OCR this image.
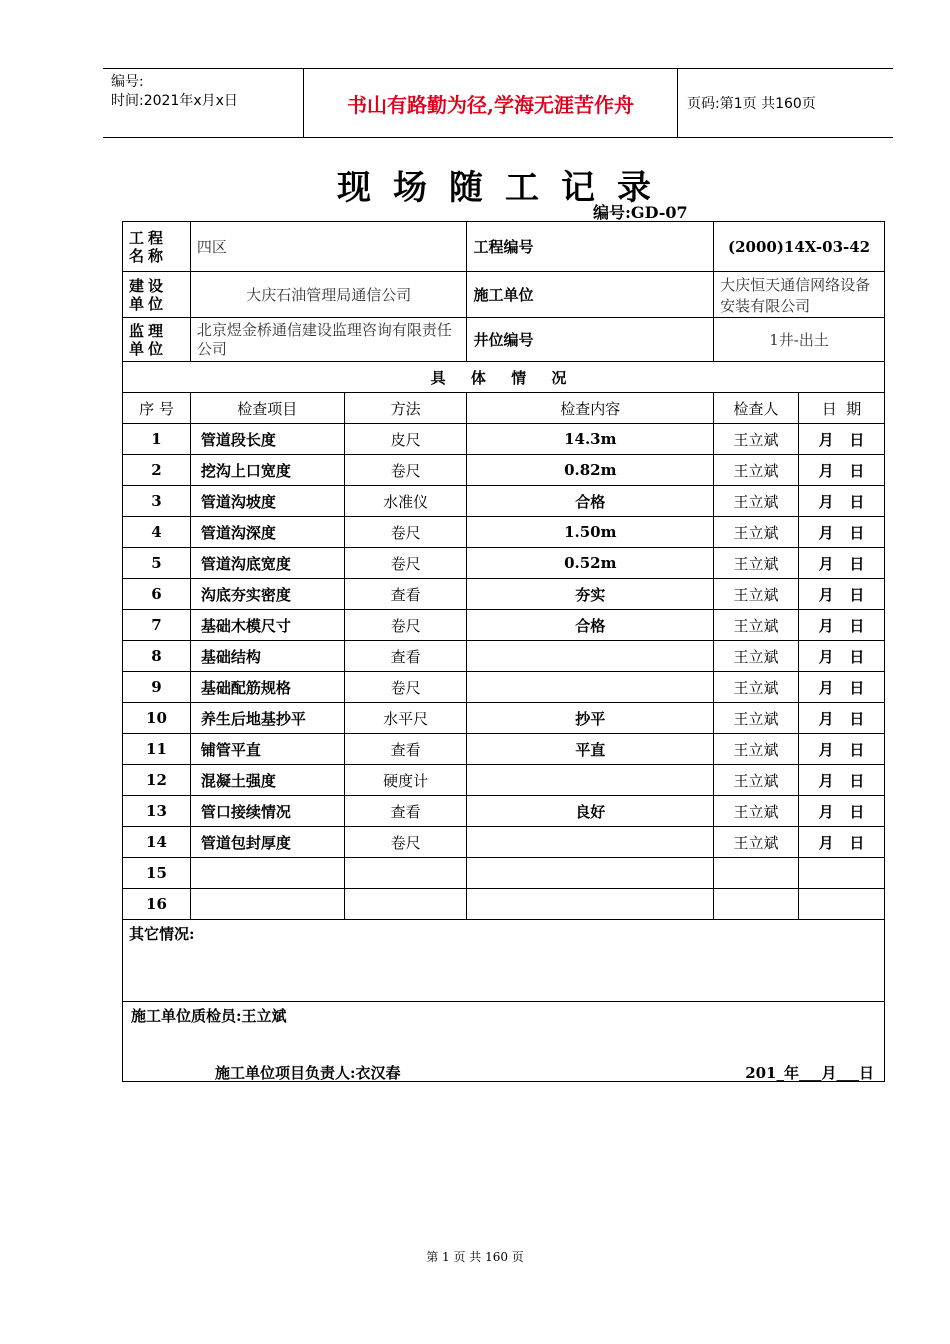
编号:
时间:2021年x月x日	书山有路勤为径,学海无涯苦作舟	页码:第1页 共160页
现场随工记录
编号:GD-07
工程名称	四区		工程编号	(2000)14X-03-42	
建设单位	大庆石油管理局通信公司		施工单位	大庆恒天通信网络设备安装有限公司	
监理单位	北京煜金桥通信建设监理咨询有限责任公司		井位编号	1井-出土	
具 体 情 况					
序 号	检查项目	方法	检查内容	检查人	日  期
1	管道段长度	皮尺	14.3m	王立斌	月   日
2	挖沟上口宽度	卷尺	0.82m	王立斌	月   日
3	管道沟坡度	水准仪	合格	王立斌	月   日
4	管道沟深度	卷尺	1.50m	王立斌	月   日
5	管道沟底宽度	卷尺	0.52m	王立斌	月   日
6	沟底夯实密度	查看	夯实	王立斌	月   日
7	基础木模尺寸	卷尺	合格	王立斌	月   日
8	基础结构	查看		王立斌	月   日
9	基础配筋规格	卷尺		王立斌	月   日
10	养生后地基抄平	水平尺	抄平	王立斌	月   日
11	铺管平直	查看	平直	王立斌	月   日
12	混凝土强度	硬度计		王立斌	月   日
13	管口接续情况	查看	良好	王立斌	月   日
14	管道包封厚度	卷尺		王立斌	月   日
15					
16					
其它情况:					

施工单位质检员:王立斌
施工单位项目负责人:衣汉春 201_年___月___日					
第 1 页 共 160 页
